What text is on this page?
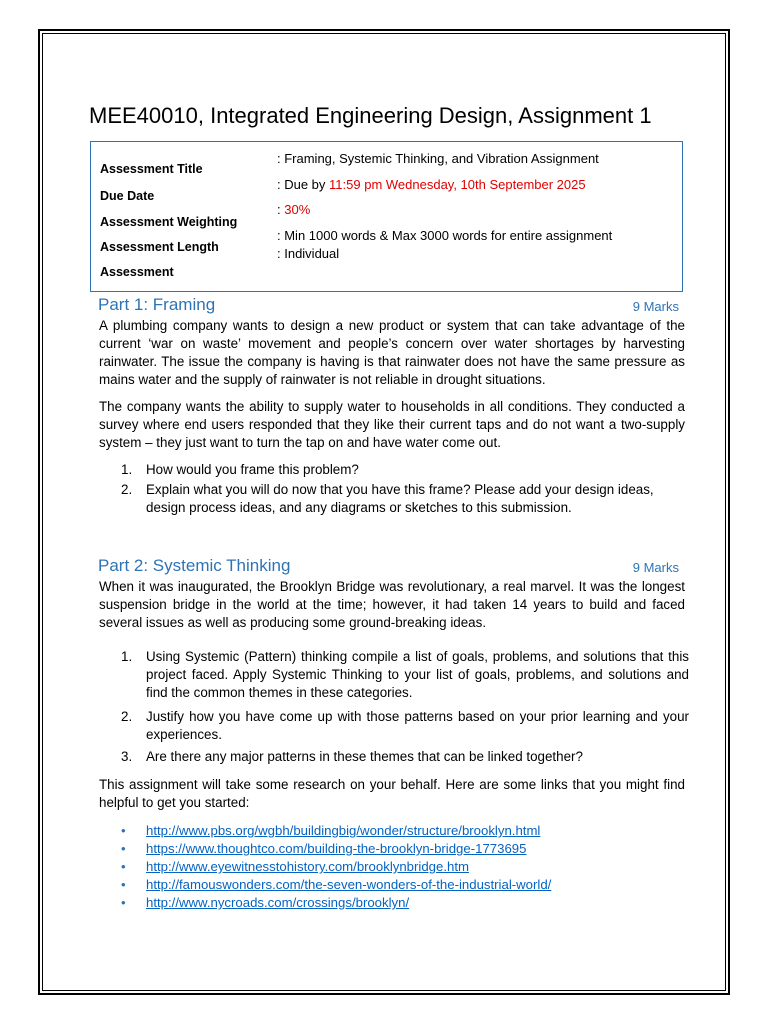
MEE40010, Integrated Engineering Design, Assignment 1
Assessment Title
Due Date
Assessment Weighting
Assessment Length
Assessment
: Framing, Systemic Thinking, and Vibration Assignment
: Due by 11:59 pm Wednesday, 10th September 2025
: 30%
: Min 1000 words & Max 3000 words for entire assignment
: Individual
Part 1: Framing	9 Marks

A plumbing company wants to design a new product or system that can take advantage of the current ‘war on waste’ movement and people’s concern over water shortages by harvesting rainwater. The issue the company is having is that rainwater does not have the same pressure as mains water and the supply of rainwater is not reliable in drought situations.

The company wants the ability to supply water to households in all conditions. They conducted a survey where end users responded that they like their current taps and do not want a two-supply system – they just want to turn the tap on and have water come out.

1. How would you frame this problem?
2. Explain what you will do now that you have this frame? Please add your design ideas, design process ideas, and any diagrams or sketches to this submission.
Part 2: Systemic Thinking	9 Marks

When it was inaugurated, the Brooklyn Bridge was revolutionary, a real marvel. It was the longest suspension bridge in the world at the time; however, it had taken 14 years to build and faced several issues as well as producing some ground-breaking ideas.

1. Using Systemic (Pattern) thinking compile a list of goals, problems, and solutions that this project faced. Apply Systemic Thinking to your list of goals, problems, and solutions and find the common themes in these categories.
2. Justify how you have come up with those patterns based on your prior learning and your experiences.
3. Are there any major patterns in these themes that can be linked together?

This assignment will take some research on your behalf. Here are some links that you might find helpful to get you started:

• http://www.pbs.org/wgbh/buildingbig/wonder/structure/brooklyn.html
• https://www.thoughtco.com/building-the-brooklyn-bridge-1773695
• http://www.eyewitnesstohistory.com/brooklynbridge.htm
• http://famouswonders.com/the-seven-wonders-of-the-industrial-world/
• http://www.nycroads.com/crossings/brooklyn/
